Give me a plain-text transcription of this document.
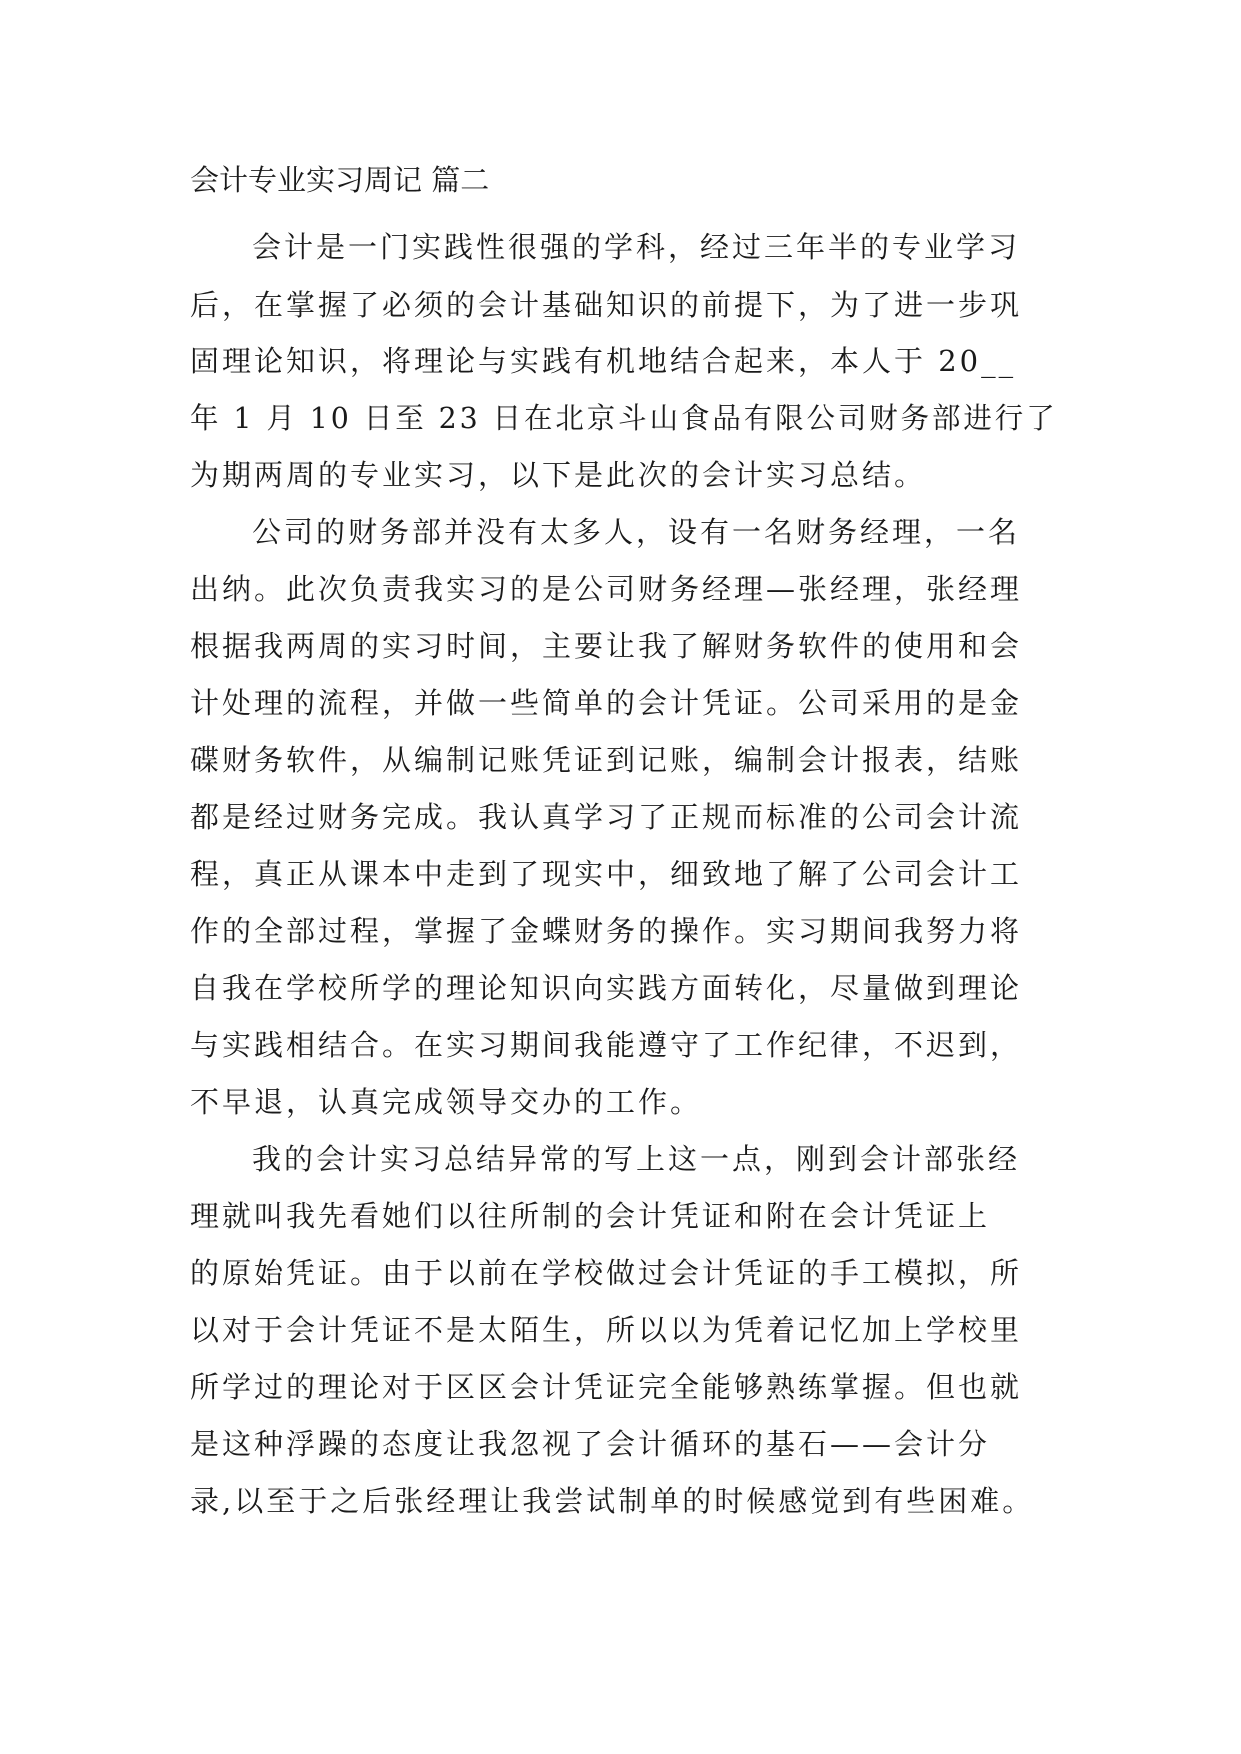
会计专业实习周记 篇二
会计是一门实践性很强的学科，经过三年半的专业学习
后，在掌握了必须的会计基础知识的前提下，为了进一步巩
固理论知识，将理论与实践有机地结合起来，本人于 20__
年 1 月 10 日至 23 日在北京斗山食品有限公司财务部进行了
为期两周的专业实习，以下是此次的会计实习总结。
公司的财务部并没有太多人，设有一名财务经理，一名
出纳。此次负责我实习的是公司财务经理—张经理，张经理
根据我两周的实习时间，主要让我了解财务软件的使用和会
计处理的流程，并做一些简单的会计凭证。公司采用的是金
碟财务软件，从编制记账凭证到记账，编制会计报表，结账
都是经过财务完成。我认真学习了正规而标准的公司会计流
程，真正从课本中走到了现实中，细致地了解了公司会计工
作的全部过程，掌握了金蝶财务的操作。实习期间我努力将
自我在学校所学的理论知识向实践方面转化，尽量做到理论
与实践相结合。在实习期间我能遵守了工作纪律，不迟到，
不早退，认真完成领导交办的工作。
我的会计实习总结异常的写上这一点，刚到会计部张经
理就叫我先看她们以往所制的会计凭证和附在会计凭证上
的原始凭证。由于以前在学校做过会计凭证的手工模拟，所
以对于会计凭证不是太陌生，所以以为凭着记忆加上学校里
所学过的理论对于区区会计凭证完全能够熟练掌握。但也就
是这种浮躁的态度让我忽视了会计循环的基石——会计分
录,以至于之后张经理让我尝试制单的时候感觉到有些困难。
